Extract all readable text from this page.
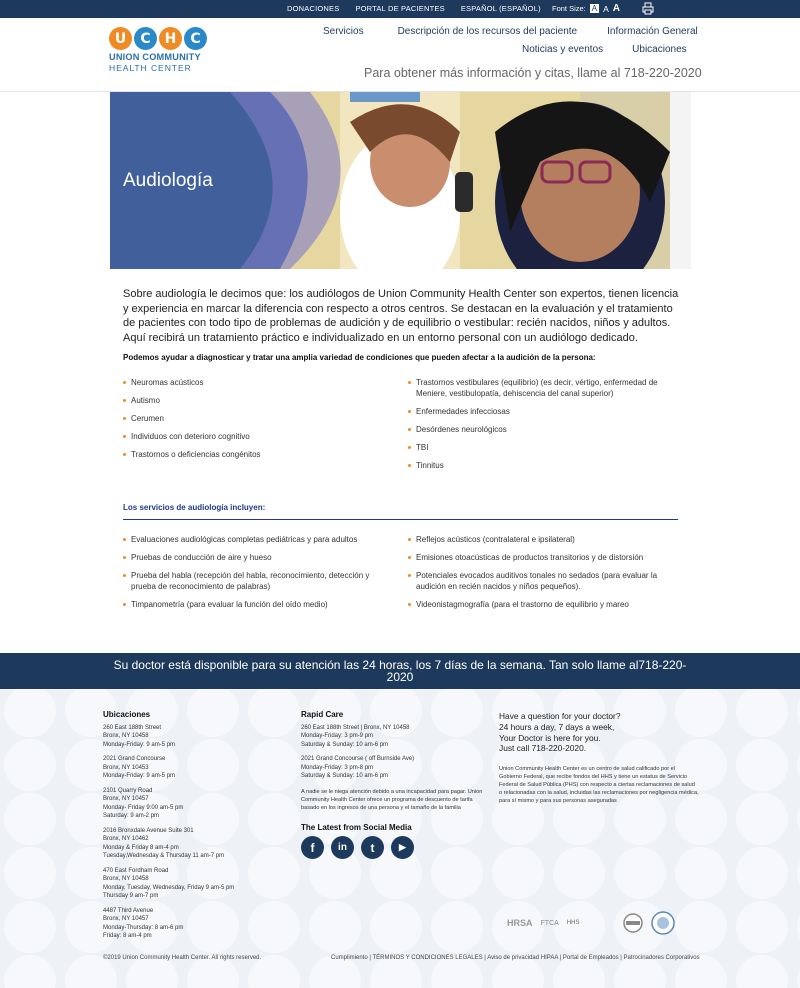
DONACIONES PORTAL DE PACIENTES ESPAÑOL (ESPAÑOL) Font Size: A A A
U	C	H	C
UNION COMMUNITY
HEALTH CENTER
Servicios	Descripción de los recursos del paciente	Información General
Noticias y eventos	Ubicaciones
Para obtener más información y citas, llame al 718-220-2020
Audiología

Sobre audiología le decimos que: los audiólogos de Union Community Health Center son expertos, tienen licencia y experiencia en marcar la diferencia con respecto a otros centros. Se destacan en la evaluación y el tratamiento de pacientes con todo tipo de problemas de audición y de equilibrio o vestibular: recién nacidos, niños y adultos. Aquí recibirá un tratamiento práctico e individualizado en un entorno personal con un audiólogo dedicado.

Podemos ayudar a diagnosticar y tratar una amplia variedad de condiciones que pueden afectar a la audición de la persona:
Neuromas acústicos
Autismo
Cerumen
Individuos con deterioro cognitivo
Trastornos o deficiencias congénitos
Trastornos vestibulares (equilibrio) (es decir, vértigo, enfermedad de Meniere, vestibulopatía, dehiscencia del canal superior)
Enfermedades infecciosas
Desórdenes neurológicos
TBI
Tinnitus
Los servicios de audiología incluyen:
Evaluaciones audiológicas completas pediátricas y para adultos
Pruebas de conducción de aire y hueso
Prueba del habla (recepción del habla, reconocimiento, detección y prueba de reconocimiento de palabras)
Timpanometría (para evaluar la función del oído medio)
Reflejos acústicos (contralateral e ipsilateral)
Emisiones otoacústicas de productos transitorios y de distorsión
Potenciales evocados auditivos tonales no sedados (para evaluar la audición en recién nacidos y niños pequeños).
Videonistagmografía (para el trastorno de equilibrio y mareo
Su doctor está disponible para su atención las 24 horas, los 7 días de la semana. Tan solo llame al718-220-2020
Ubicaciones
260 East 188th Street
Bronx, NY 10458
Monday-Friday: 9 am-5 pm
2021 Grand Concourse
Bronx, NY 10453
Monday-Friday: 9 am-5 pm
2101 Quarry Road
Bronx, NY 10457
Monday- Friday 9:00 am-5 pm
Saturday: 9 am-2 pm
2016 Bronxdale Avenue Suite 301
Bronx, NY 10462
Monday & Friday 8 am-4 pm
Tuesday,Wednesday & Thursday 11 am-7 pm
470 East Fordham Road
Bronx, NY 10458
Monday, Tuesday, Wednesday, Friday 9 am-5 pm
Thursday 9 am-7 pm
4487 Third Avenue
Bronx, NY 10457
Monday-Thursday: 8 am-6 pm
Friday: 8 am-4 pm
Rapid Care
260 East 188th Street | Bronx, NY 10458
Monday-Friday: 3 pm-9 pm
Saturday & Sunday: 10 am-6 pm
2021 Grand Concourse ( off Burnside Ave)
Monday-Friday: 3 pm-8 pm
Saturday & Sunday: 10 am-6 pm
A nadie se le niega atención debido a una incapacidad para pagar. Union Community Health Center ofrece un programa de descuento de tarifa basado en los ingresos de una persona y el tamaño de la familia
The Latest from Social Media
f	in	t	▶
Have a question for your doctor?
24 hours a day, 7 days a week,
Your Doctor is here for you.
Just call 718-220-2020.
Union Community Health Center es un centro de salud calificado por el Gobierno Federal, que recibe fondos del HHS y tiene un estatus de Servicio Federal de Salud Pública (PHS) con respecto a ciertas reclamaciones de salud o relacionadas con la salud, incluidas las reclamaciones por negligencia médica, para sí mismo y para sus personas aseguradas
HRSA FTCA HHS
©2019 Union Community Health Center. All rights reserved.	Cumplimiento | TÉRMINOS Y CONDICIONES LEGALES | Aviso de privacidad HIPAA | Portal de Empleados | Patrocinadores Corporativos
